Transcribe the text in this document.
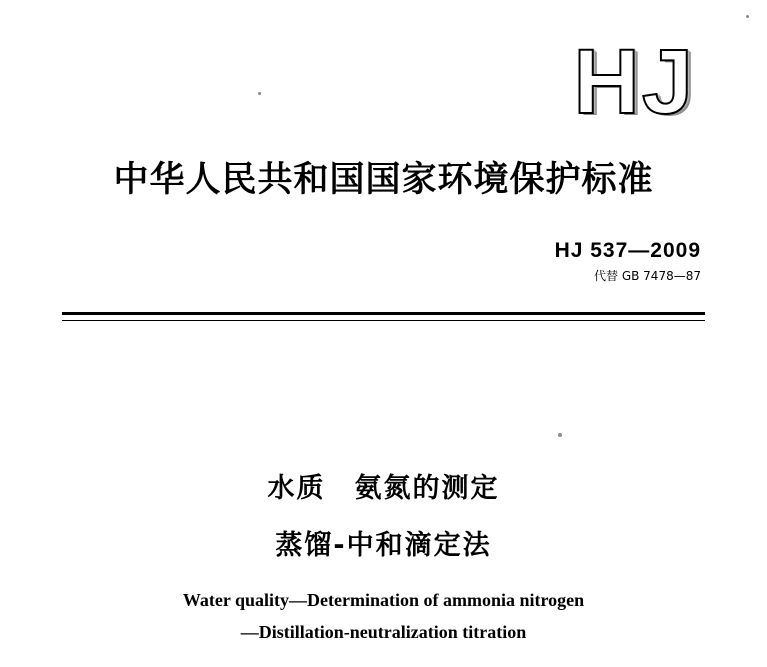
HJ
中华人民共和国国家环境保护标准
HJ 537—2009
代替 GB 7478—87
水质　氨氮的测定
蒸馏-中和滴定法
Water quality—Determination of ammonia nitrogen
—Distillation-neutralization titration
